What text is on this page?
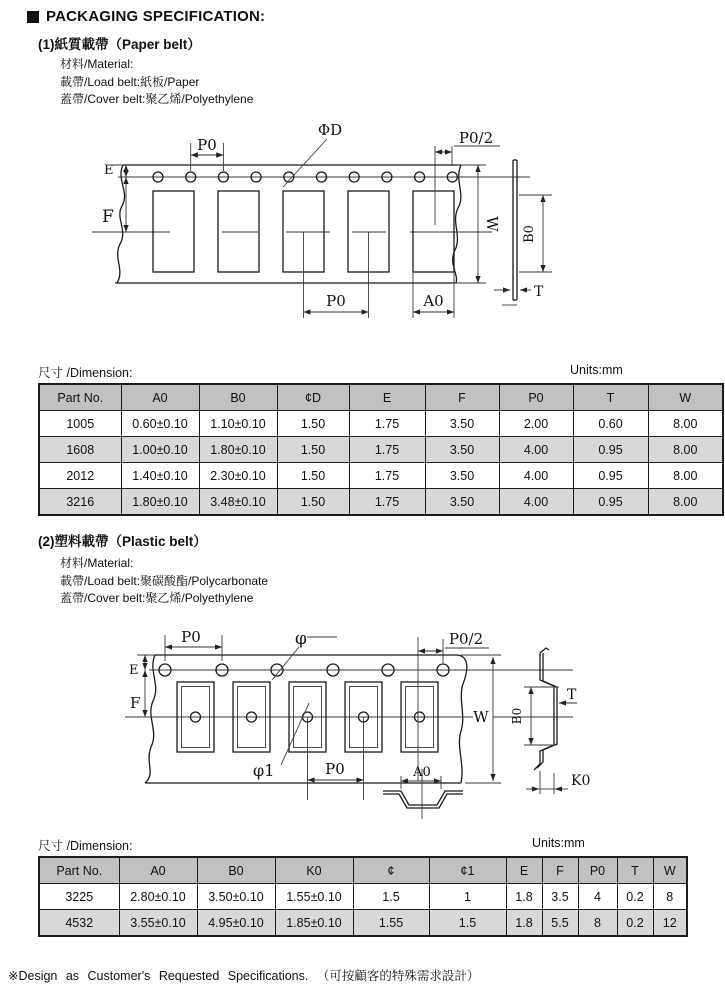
PACKAGING SPECIFICATION:
(1)紙質載帶（Paper belt）
材料/Material:
載帶/Load belt:紙板/Paper
蓋帶/Cover belt:聚乙烯/Polyethylene
P0
ΦD	P0/2
E
F	W
B0
T
P0	A0
尺寸 /Dimension:	Units:mm
Part No.	A0	B0	¢D	E	F	P0	T	W
1005	0.60±0.10	1.10±0.10	1.50	1.75	3.50	2.00	0.60	8.00
1608	1.00±0.10	1.80±0.10	1.50	1.75	3.50	4.00	0.95	8.00
2012	1.40±0.10	2.30±0.10	1.50	1.75	3.50	4.00	0.95	8.00
3216	1.80±0.10	3.48±0.10	1.50	1.75	3.50	4.00	0.95	8.00
(2)塑料載帶（Plastic belt）
材料/Material:
載帶/Load belt:聚碳酸酯/Polycarbonate
蓋帶/Cover belt:聚乙烯/Polyethylene
P0	φ	P0/2
E
F
W B0
T
K0
A0
P0
φ1
尺寸 /Dimension:	Units:mm
Part No.	A0	B0	K0	¢	¢1	E	F	P0	T	W
3225	2.80±0.10	3.50±0.10	1.55±0.10	1.5	1	1.8	3.5	4	0.2	8
4532	3.55±0.10	4.95±0.10	1.85±0.10	1.55	1.5	1.8	5.5	8	0.2	12
※Design as Customer's Requested Specifications. （可按顧客的特殊需求設計）
